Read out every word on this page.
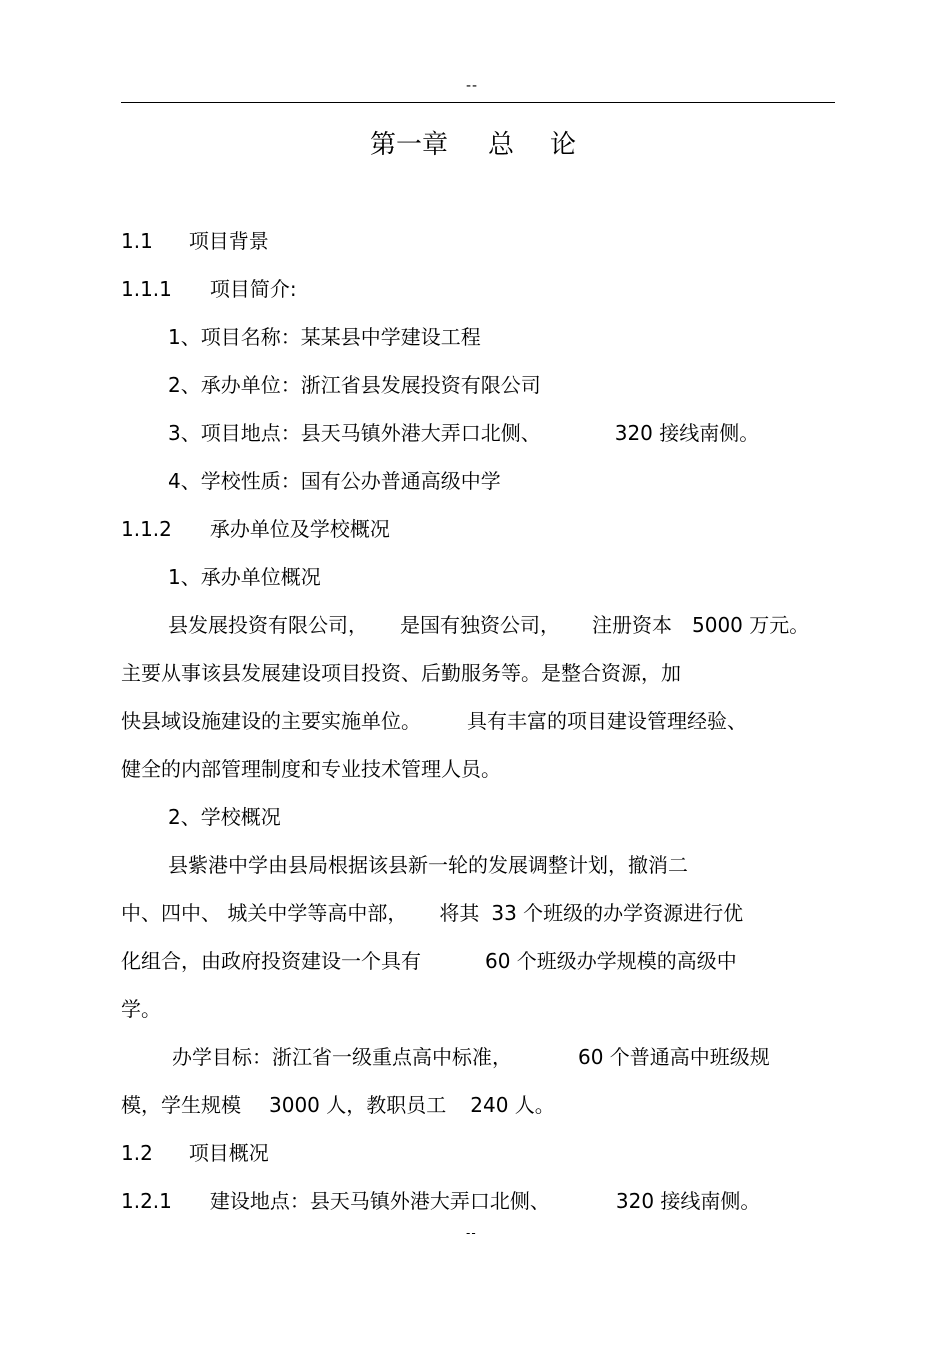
--
第一章 总 论
1.1 项目背景
1.1.1 项目简介:
1、项目名称：某某县中学建设工程
2、承办单位：浙江省县发展投资有限公司
3、项目地点：县天马镇外港大弄口北侧、	320 接线南侧。
4、学校性质：国有公办普通高级中学
1.1.2 承办单位及学校概况
1、承办单位概况
县发展投资有限公司， 是国有独资公司， 注册资本 5000 万元。
主要从事该县发展建设项目投资、后勤服务等。是整合资源，加
快县域设施建设的主要实施单位。 具有丰富的项目建设管理经验、
健全的内部管理制度和专业技术管理人员。
2、学校概况
县紫港中学由县局根据该县新一轮的发展调整计划，撤消二
中、四中、 城关中学等高中部， 将其 33 个班级的办学资源进行优
化组合，由政府投资建设一个具有	60 个班级办学规模的高级中
学。
办学目标：浙江省一级重点高中标准，	60 个普通高中班级规
模，学生规模 3000 人，教职员工 240 人。
1.2 项目概况
1.2.1 建设地点：县天马镇外港大弄口北侧、	320 接线南侧。
--
